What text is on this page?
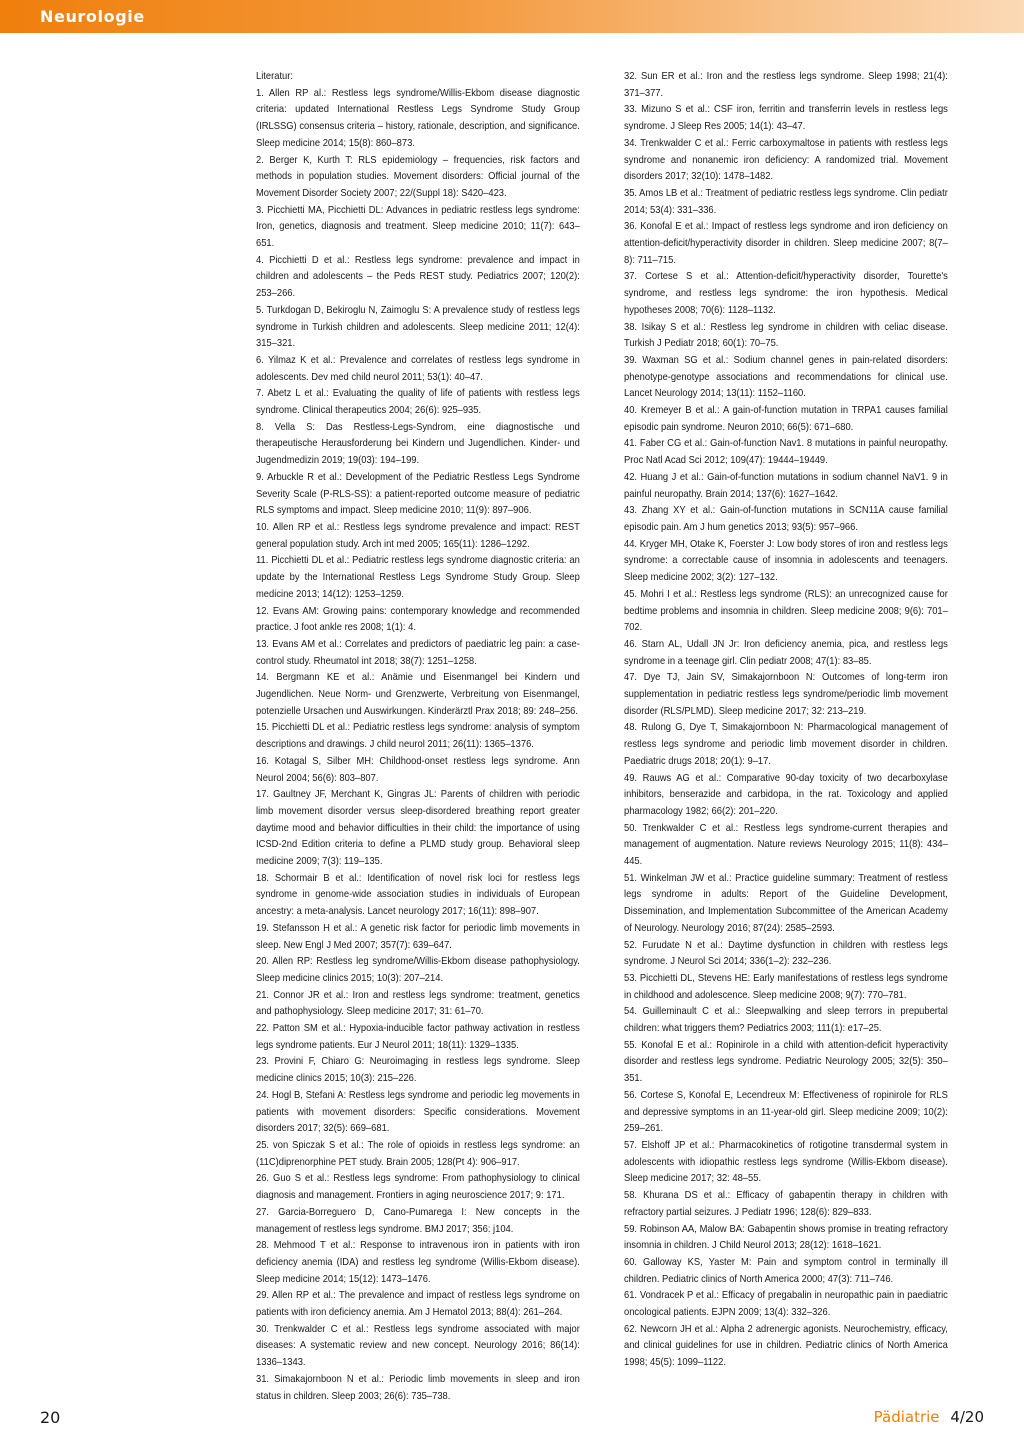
Neurologie

Literatur:

1. Allen RP al.: Restless legs syndrome/Willis-Ekbom disease diagnostic criteria: updated International Restless Legs Syndrome Study Group (IRLSSG) consensus criteria – history, rationale, description, and significance. Sleep medicine 2014; 15(8): 860–873.

2. Berger K, Kurth T: RLS epidemiology – frequencies, risk factors and methods in population studies. Movement disorders: Official journal of the Movement Disorder Society 2007; 22/(Suppl 18): S420–423.

3. Picchietti MA, Picchietti DL: Advances in pediatric restless legs syndrome: Iron, genetics, diagnosis and treatment. Sleep medicine 2010; 11(7): 643–651.

4. Picchietti D et al.: Restless legs syndrome: prevalence and impact in children and adolescents – the Peds REST study. Pediatrics 2007; 120(2): 253–266.

5. Turkdogan D, Bekiroglu N, Zaimoglu S: A prevalence study of restless legs syndrome in Turkish children and adolescents. Sleep medicine 2011; 12(4): 315–321.

6. Yilmaz K et al.: Prevalence and correlates of restless legs syndrome in adolescents. Dev med child neurol 2011; 53(1): 40–47.

7. Abetz L et al.: Evaluating the quality of life of patients with restless legs syndrome. Clinical therapeutics 2004; 26(6): 925–935.

8. Vella S: Das Restless-Legs-Syndrom, eine diagnostische und therapeutische Herausforderung bei Kindern und Jugendlichen. Kinder- und Jugendmedizin 2019; 19(03): 194–199.

9. Arbuckle R et al.: Development of the Pediatric Restless Legs Syndrome Severity Scale (P-RLS-SS): a patient-reported outcome measure of pediatric RLS symptoms and impact. Sleep medicine 2010; 11(9): 897–906.

10. Allen RP et al.: Restless legs syndrome prevalence and impact: REST general population study. Arch int med 2005; 165(11): 1286–1292.

11. Picchietti DL et al.: Pediatric restless legs syndrome diagnostic criteria: an update by the International Restless Legs Syndrome Study Group. Sleep medicine 2013; 14(12): 1253–1259.

12. Evans AM: Growing pains: contemporary knowledge and recommended practice. J foot ankle res 2008; 1(1): 4.

13. Evans AM et al.: Correlates and predictors of paediatric leg pain: a case-control study. Rheumatol int 2018; 38(7): 1251–1258.

14. Bergmann KE et al.: Anämie und Eisenmangel bei Kindern und Jugendlichen. Neue Norm- und Grenzwerte, Verbreitung von Eisenmangel, potenzielle Ursachen und Auswirkungen. Kinderärztl Prax 2018; 89: 248–256.

15. Picchietti DL et al.: Pediatric restless legs syndrome: analysis of symptom descriptions and drawings. J child neurol 2011; 26(11): 1365–1376.

16. Kotagal S, Silber MH: Childhood-onset restless legs syndrome. Ann Neurol 2004; 56(6): 803–807.

17. Gaultney JF, Merchant K, Gingras JL: Parents of children with periodic limb movement disorder versus sleep-disordered breathing report greater daytime mood and behavior difficulties in their child: the importance of using ICSD-2nd Edition criteria to define a PLMD study group. Behavioral sleep medicine 2009; 7(3): 119–135.

18. Schormair B et al.: Identification of novel risk loci for restless legs syndrome in genome-wide association studies in individuals of European ancestry: a meta-analysis. Lancet neurology 2017; 16(11): 898–907.

19. Stefansson H et al.: A genetic risk factor for periodic limb movements in sleep. New Engl J Med 2007; 357(7): 639–647.

20. Allen RP: Restless leg syndrome/Willis-Ekbom disease pathophysiology. Sleep medicine clinics 2015; 10(3): 207–214.

21. Connor JR et al.: Iron and restless legs syndrome: treatment, genetics and pathophysiology. Sleep medicine 2017; 31: 61–70.

22. Patton SM et al.: Hypoxia-inducible factor pathway activation in restless legs syndrome patients. Eur J Neurol 2011; 18(11): 1329–1335.

23. Provini F, Chiaro G: Neuroimaging in restless legs syndrome. Sleep medicine clinics 2015; 10(3): 215–226.

24. Hogl B, Stefani A: Restless legs syndrome and periodic leg movements in patients with movement disorders: Specific considerations. Movement disorders 2017; 32(5): 669–681.

25. von Spiczak S et al.: The role of opioids in restless legs syndrome: an (11C)diprenorphine PET study. Brain 2005; 128(Pt 4): 906–917.

26. Guo S et al.: Restless legs syndrome: From pathophysiology to clinical diagnosis and management. Frontiers in aging neuroscience 2017; 9: 171.

27. Garcia-Borreguero D, Cano-Pumarega I: New concepts in the management of restless legs syndrome. BMJ 2017; 356: j104.

28. Mehmood T et al.: Response to intravenous iron in patients with iron deficiency anemia (IDA) and restless leg syndrome (Willis-Ekbom disease). Sleep medicine 2014; 15(12): 1473–1476.

29. Allen RP et al.: The prevalence and impact of restless legs syndrome on patients with iron deficiency anemia. Am J Hematol 2013; 88(4): 261–264.

30. Trenkwalder C et al.: Restless legs syndrome associated with major diseases: A systematic review and new concept. Neurology 2016; 86(14): 1336–1343.

31. Simakajornboon N et al.: Periodic limb movements in sleep and iron status in children. Sleep 2003; 26(6): 735–738.

32. Sun ER et al.: Iron and the restless legs syndrome. Sleep 1998; 21(4): 371–377.

33. Mizuno S et al.: CSF iron, ferritin and transferrin levels in restless legs syndrome. J Sleep Res 2005; 14(1): 43–47.

34. Trenkwalder C et al.: Ferric carboxymaltose in patients with restless legs syndrome and nonanemic iron deficiency: A randomized trial. Movement disorders 2017; 32(10): 1478–1482.

35. Amos LB et al.: Treatment of pediatric restless legs syndrome. Clin pediatr 2014; 53(4): 331–336.

36. Konofal E et al.: Impact of restless legs syndrome and iron deficiency on attention-deficit/hyperactivity disorder in children. Sleep medicine 2007; 8(7–8): 711–715.

37. Cortese S et al.: Attention-deficit/hyperactivity disorder, Tourette's syndrome, and restless legs syndrome: the iron hypothesis. Medical hypotheses 2008; 70(6): 1128–1132.

38. Isikay S et al.: Restless leg syndrome in children with celiac disease. Turkish J Pediatr 2018; 60(1): 70–75.

39. Waxman SG et al.: Sodium channel genes in pain-related disorders: phenotype-genotype associations and recommendations for clinical use. Lancet Neurology 2014; 13(11): 1152–1160.

40. Kremeyer B et al.: A gain-of-function mutation in TRPA1 causes familial episodic pain syndrome. Neuron 2010; 66(5): 671–680.

41. Faber CG et al.: Gain-of-function Nav1. 8 mutations in painful neuropathy. Proc Natl Acad Sci 2012; 109(47): 19444–19449.

42. Huang J et al.: Gain-of-function mutations in sodium channel NaV1. 9 in painful neuropathy. Brain 2014; 137(6): 1627–1642.

43. Zhang XY et al.: Gain-of-function mutations in SCN11A cause familial episodic pain. Am J hum genetics 2013; 93(5): 957–966.

44. Kryger MH, Otake K, Foerster J: Low body stores of iron and restless legs syndrome: a correctable cause of insomnia in adolescents and teenagers. Sleep medicine 2002; 3(2): 127–132.

45. Mohri I et al.: Restless legs syndrome (RLS): an unrecognized cause for bedtime problems and insomnia in children. Sleep medicine 2008; 9(6): 701–702.

46. Starn AL, Udall JN Jr: Iron deficiency anemia, pica, and restless legs syndrome in a teenage girl. Clin pediatr 2008; 47(1): 83–85.

47. Dye TJ, Jain SV, Simakajornboon N: Outcomes of long-term iron supplementation in pediatric restless legs syndrome/periodic limb movement disorder (RLS/PLMD). Sleep medicine 2017; 32: 213–219.

48. Rulong G, Dye T, Simakajornboon N: Pharmacological management of restless legs syndrome and periodic limb movement disorder in children. Paediatric drugs 2018; 20(1): 9–17.

49. Rauws AG et al.: Comparative 90-day toxicity of two decarboxylase inhibitors, benserazide and carbidopa, in the rat. Toxicology and applied pharmacology 1982; 66(2): 201–220.

50. Trenkwalder C et al.: Restless legs syndrome-current therapies and management of augmentation. Nature reviews Neurology 2015; 11(8): 434–445.

51. Winkelman JW et al.: Practice guideline summary: Treatment of restless legs syndrome in adults: Report of the Guideline Development, Dissemination, and Implementation Subcommittee of the American Academy of Neurology. Neurology 2016; 87(24): 2585–2593.

52. Furudate N et al.: Daytime dysfunction in children with restless legs syndrome. J Neurol Sci 2014; 336(1–2): 232–236.

53. Picchietti DL, Stevens HE: Early manifestations of restless legs syndrome in childhood and adolescence. Sleep medicine 2008; 9(7): 770–781.

54. Guilleminault C et al.: Sleepwalking and sleep terrors in prepubertal children: what triggers them? Pediatrics 2003; 111(1): e17–25.

55. Konofal E et al.: Ropinirole in a child with attention-deficit hyperactivity disorder and restless legs syndrome. Pediatric Neurology 2005; 32(5): 350–351.

56. Cortese S, Konofal E, Lecendreux M: Effectiveness of ropinirole for RLS and depressive symptoms in an 11-year-old girl. Sleep medicine 2009; 10(2): 259–261.

57. Elshoff JP et al.: Pharmacokinetics of rotigotine transdermal system in adolescents with idiopathic restless legs syndrome (Willis-Ekbom disease). Sleep medicine 2017; 32: 48–55.

58. Khurana DS et al.: Efficacy of gabapentin therapy in children with refractory partial seizures. J Pediatr 1996; 128(6): 829–833.

59. Robinson AA, Malow BA: Gabapentin shows promise in treating refractory insomnia in children. J Child Neurol 2013; 28(12): 1618–1621.

60. Galloway KS, Yaster M: Pain and symptom control in terminally ill children. Pediatric clinics of North America 2000; 47(3): 711–746.

61. Vondracek P et al.: Efficacy of pregabalin in neuropathic pain in paediatric oncological patients. EJPN 2009; 13(4): 332–326.

62. Newcorn JH et al.: Alpha 2 adrenergic agonists. Neurochemistry, efficacy, and clinical guidelines for use in children. Pediatric clinics of North America 1998; 45(5): 1099–1122.

20	Pädiatrie 4/20
